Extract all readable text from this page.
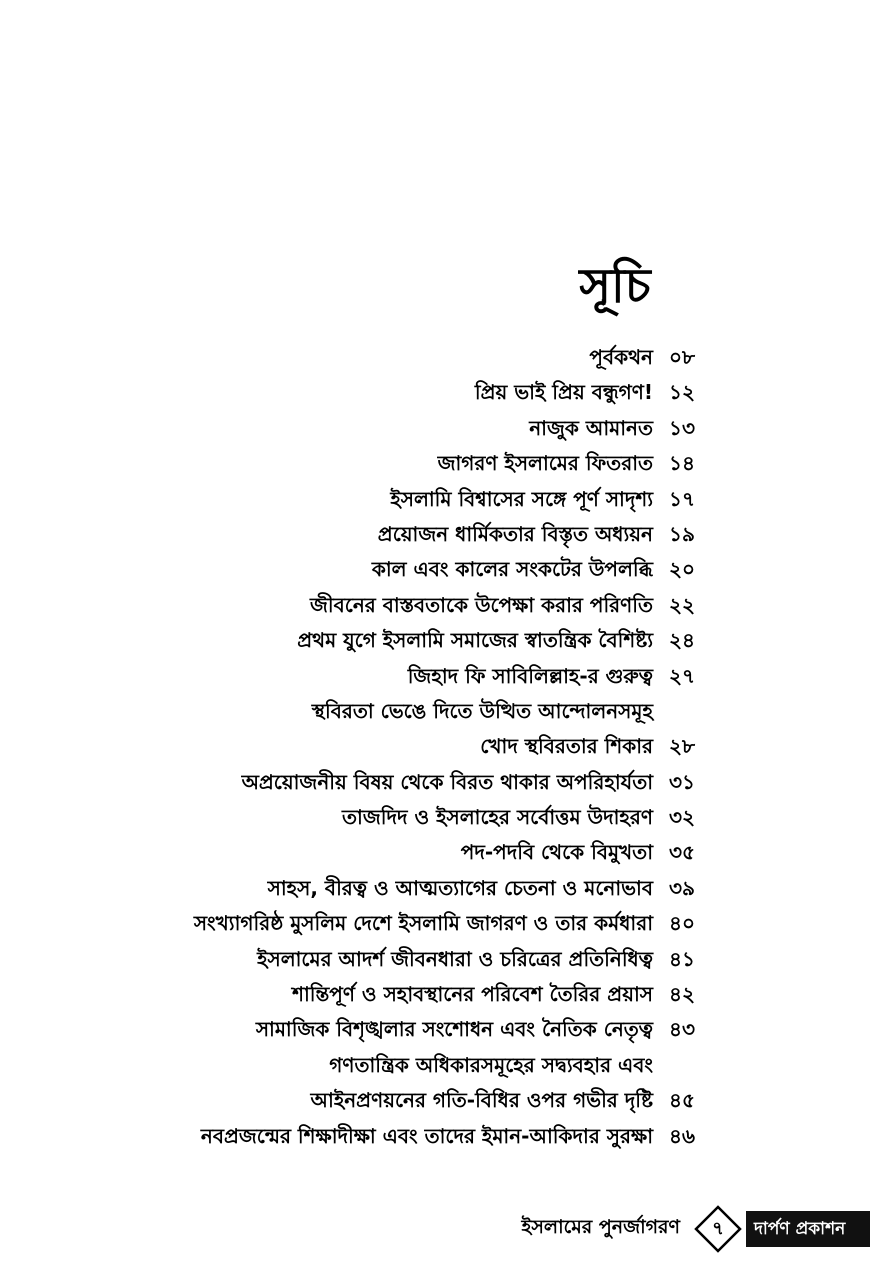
সূচি
পূর্বকথন ০৮
প্রিয় ভাই প্রিয় বন্ধুগণ! ১২
নাজুক আমানত ১৩
জাগরণ ইসলামের ফিতরাত ১৪
ইসলামি বিশ্বাসের সঙ্গে পূর্ণ সাদৃশ্য ১৭
প্রয়োজন ধার্মিকতার বিস্তৃত অধ্যয়ন ১৯
কাল এবং কালের সংকটের উপলব্ধি ২০
জীবনের বাস্তবতাকে উপেক্ষা করার পরিণতি ২২
প্রথম যুগে ইসলামি সমাজের স্বাতন্ত্রিক বৈশিষ্ট্য ২৪
জিহাদ ফি সাবিলিল্লাহ-র গুরুত্ব ২৭
স্থবিরতা ভেঙে দিতে উত্থিত আন্দোলনসমূহ
খোদ স্থবিরতার শিকার ২৮
অপ্রয়োজনীয় বিষয় থেকে বিরত থাকার অপরিহার্যতা ৩১
তাজদিদ ও ইসলাহের সর্বোত্তম উদাহরণ ৩২
পদ-পদবি থেকে বিমুখতা ৩৫
সাহস, বীরত্ব ও আত্মত্যাগের চেতনা ও মনোভাব ৩৯
সংখ্যাগরিষ্ঠ মুসলিম দেশে ইসলামি জাগরণ ও তার কর্মধারা ৪০
ইসলামের আদর্শ জীবনধারা ও চরিত্রের প্রতিনিধিত্ব ৪১
শান্তিপূর্ণ ও সহাবস্থানের পরিবেশ তৈরির প্রয়াস ৪২
সামাজিক বিশৃঙ্খলার সংশোধন এবং নৈতিক নেতৃত্ব ৪৩
গণতান্ত্রিক অধিকারসমূহের সদ্ব্যবহার এবং
আইনপ্রণয়নের গতি-বিধির ওপর গভীর দৃষ্টি ৪৫
নবপ্রজন্মের শিক্ষাদীক্ষা এবং তাদের ইমান-আকিদার সুরক্ষা ৪৬
ইসলামের পুনর্জাগরণ	৭	দার্পণ প্রকাশন
